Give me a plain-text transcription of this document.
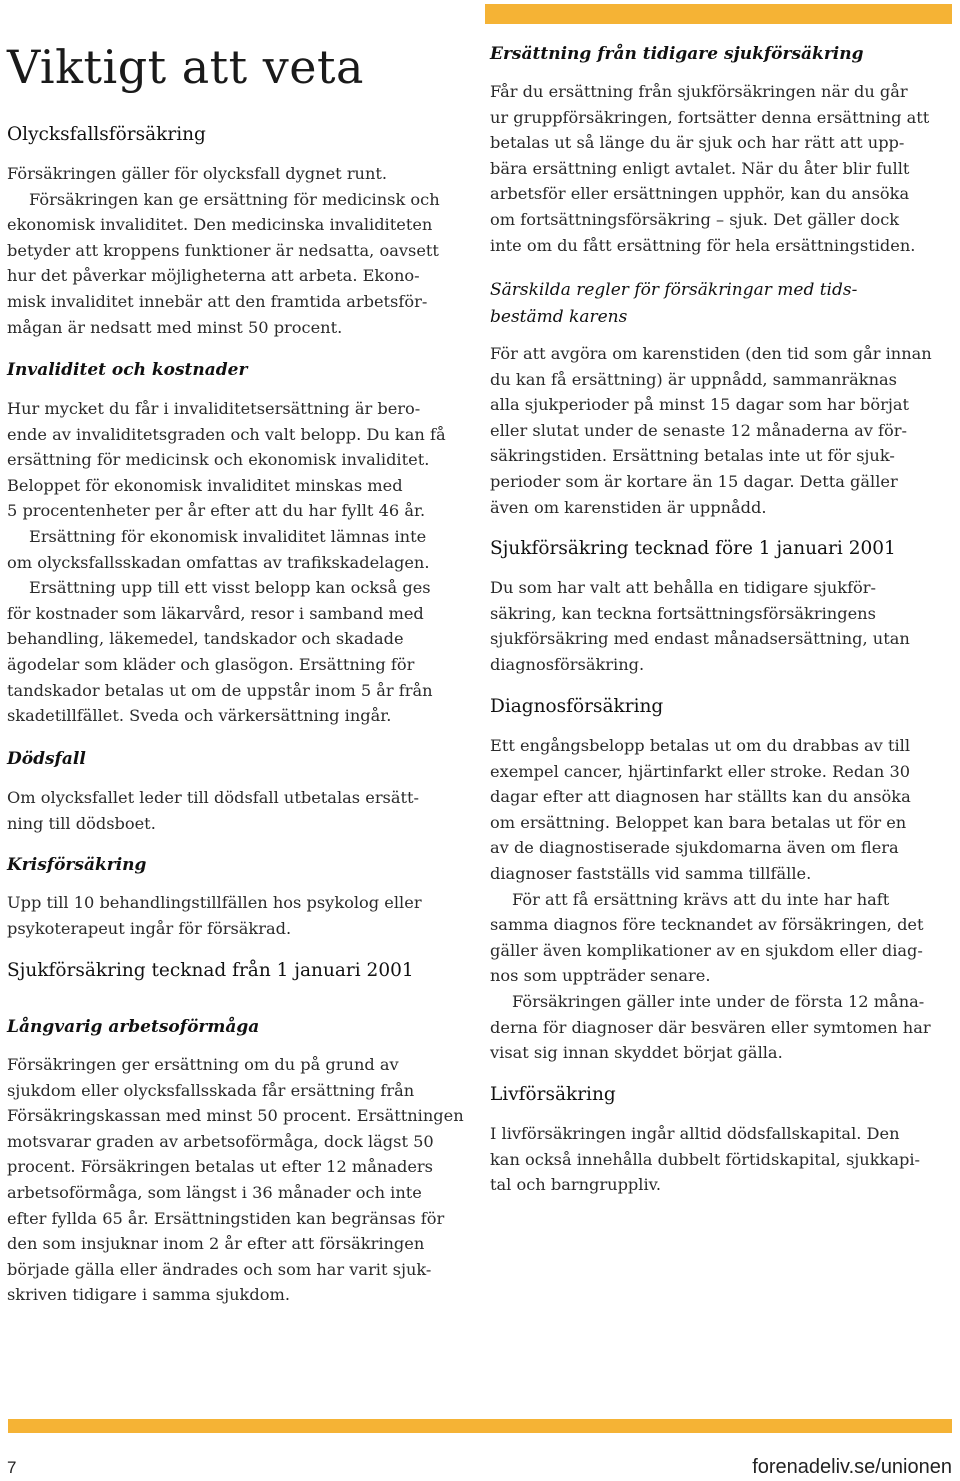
Viktigt att veta
Olycksfallsförsäkring
Försäkringen gäller för olycksfall dygnet runt.
Försäkringen kan ge ersättning för medicinsk och
ekonomisk invaliditet. Den medicinska invaliditeten
betyder att kroppens funktioner är nedsatta, oavsett
hur det påverkar möjligheterna att arbeta. Ekono-
misk invaliditet innebär att den framtida arbetsför-
mågan är nedsatt med minst 50 procent.
Invaliditet och kostnader
Hur mycket du får i invaliditetsersättning är bero-
ende av invaliditetsgraden och valt belopp. Du kan få
ersättning för medicinsk och ekonomisk invaliditet.
Beloppet för ekonomisk invaliditet minskas med
5 procentenheter per år efter att du har fyllt 46 år.
Ersättning för ekonomisk invaliditet lämnas inte
om olycksfallsskadan omfattas av trafikskadelagen.
Ersättning upp till ett visst belopp kan också ges
för kostnader som läkarvård, resor i samband med
behandling, läkemedel, tandskador och skadade
ägodelar som kläder och glasögon. Ersättning för
tandskador betalas ut om de uppstår inom 5 år från
skadetillfället. Sveda och värkersättning ingår.
Dödsfall
Om olycksfallet leder till dödsfall utbetalas ersätt-
ning till dödsboet.
Krisförsäkring
Upp till 10 behandlingstillfällen hos psykolog eller
psykoterapeut ingår för försäkrad.
Sjukförsäkring tecknad från 1 januari 2001
Långvarig arbetsoförmåga
Försäkringen ger ersättning om du på grund av
sjukdom eller olycksfallsskada får ersättning från
Försäkringskassan med minst 50 procent. Ersättningen
motsvarar graden av arbetsoförmåga, dock lägst 50
procent. Försäkringen betalas ut efter 12 månaders
arbetsoförmåga, som längst i 36 månader och inte
efter fyllda 65 år. Ersättningstiden kan begränsas för
den som insjuknar inom 2 år efter att försäkringen
började gälla eller ändrades och som har varit sjuk-
skriven tidigare i samma sjukdom.
Ersättning från tidigare sjukförsäkring
Får du ersättning från sjukförsäkringen när du går
ur gruppförsäkringen, fortsätter denna ersättning att
betalas ut så länge du är sjuk och har rätt att upp-
bära ersättning enligt avtalet. När du åter blir fullt
arbetsför eller ersättningen upphör, kan du ansöka
om fortsättningsförsäkring – sjuk. Det gäller dock
inte om du fått ersättning för hela ersättningstiden.
Särskilda regler för försäkringar med tids-
bestämd karens
För att avgöra om karenstiden (den tid som går innan
du kan få ersättning) är uppnådd, sammanräknas
alla sjukperioder på minst 15 dagar som har börjat
eller slutat under de senaste 12 månaderna av för-
säkringstiden. Ersättning betalas inte ut för sjuk-
perioder som är kortare än 15 dagar. Detta gäller
även om karenstiden är uppnådd.
Sjukförsäkring tecknad före 1 januari 2001
Du som har valt att behålla en tidigare sjukför-
säkring, kan teckna fortsättningsförsäkringens
sjukförsäkring med endast månadsersättning, utan
diagnosförsäkring.
Diagnosförsäkring
Ett engångsbelopp betalas ut om du drabbas av till
exempel cancer, hjärtinfarkt eller stroke. Redan 30
dagar efter att diagnosen har ställts kan du ansöka
om ersättning. Beloppet kan bara betalas ut för en
av de diagnostiserade sjukdomarna även om flera
diagnoser fastställs vid samma tillfälle.
För att få ersättning krävs att du inte har haft
samma diagnos före tecknandet av försäkringen, det
gäller även komplikationer av en sjukdom eller diag-
nos som uppträder senare.
Försäkringen gäller inte under de första 12 måna-
derna för diagnoser där besvären eller symtomen har
visat sig innan skyddet börjat gälla.
Livförsäkring
I livförsäkringen ingår alltid dödsfallskapital. Den
kan också innehålla dubbelt förtidskapital, sjukkapi-
tal och barngruppliv.
7	forenadeliv.se/unionen
